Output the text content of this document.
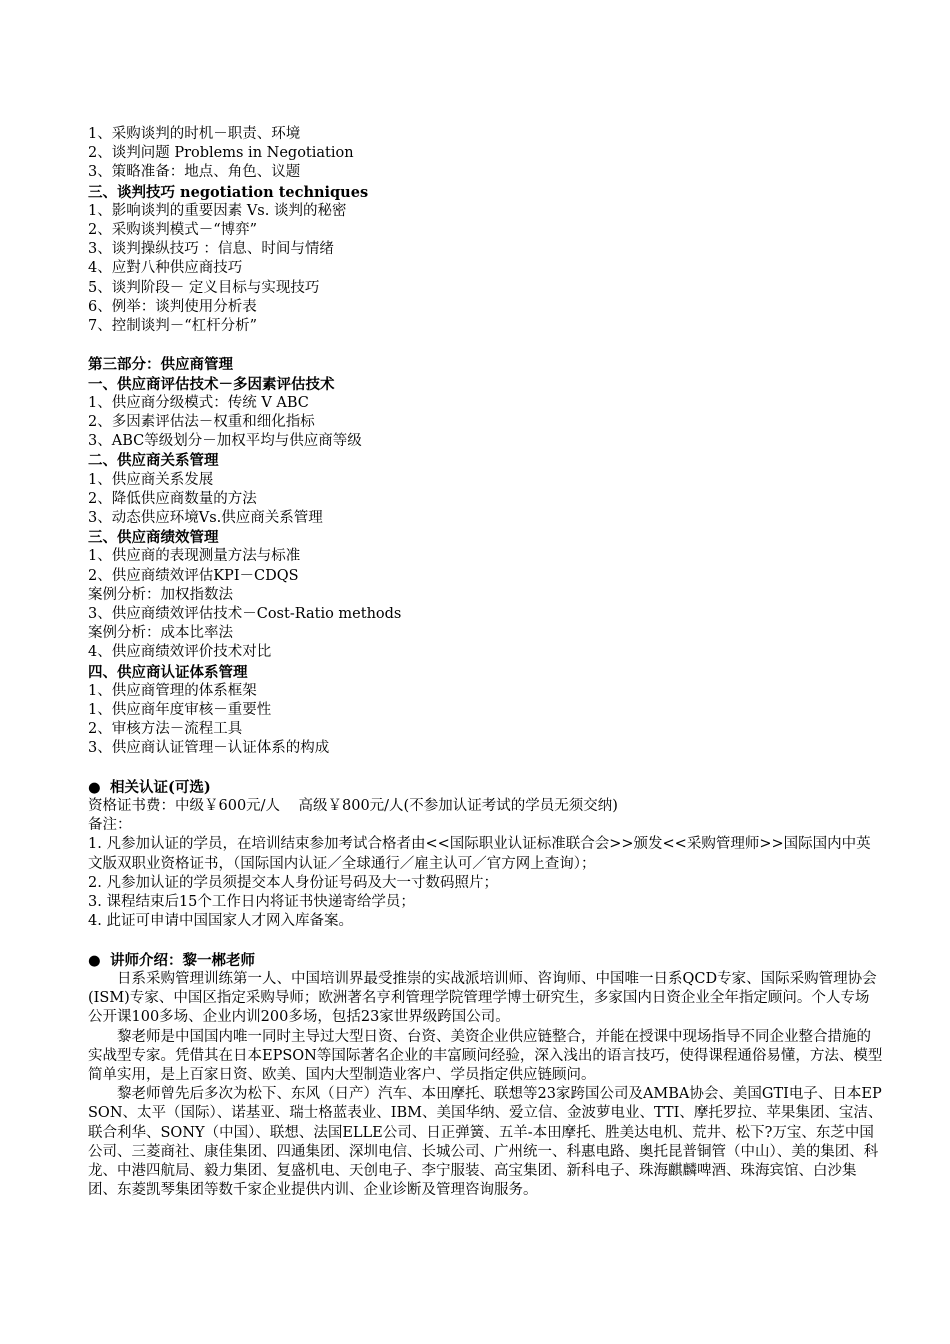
1、采购谈判的时机－职责、环境
2、谈判问题 Problems in Negotiation
3、策略准备：地点、角色、议题
三、谈判技巧 negotiation techniques
1、影响谈判的重要因素 Vs. 谈判的秘密
2、采购谈判模式－“博弈”
3、谈判操纵技巧 ：信息、时间与情绪
4、应對八种供应商技巧
5、谈判阶段－ 定义目标与实现技巧
6、例举：谈判使用分析表
7、控制谈判－“杠杆分析”
第三部分：供应商管理
一、供应商评估技术－多因素评估技术
1、供应商分级模式：传统 V ABC
2、多因素评估法－权重和细化指标
3、ABC等级划分－加权平均与供应商等级
二、供应商关系管理
1、供应商关系发展
2、降低供应商数量的方法
3、动态供应环境Vs.供应商关系管理
三、供应商绩效管理
1、供应商的表现测量方法与标准
2、供应商绩效评估KPI－CDQS
案例分析：加权指数法
3、供应商绩效评估技术－Cost-Ratio methods
案例分析：成本比率法
4、供应商绩效评价技术对比
四、供应商认证体系管理
1、供应商管理的体系框架
1、供应商年度审核－重要性
2、审核方法－流程工具
3、供应商认证管理－认证体系的构成
● 相关认证(可选)
资格证书费：中级￥600元/人    高级￥800元/人(不参加认证考试的学员无须交纳)
备注：
1. 凡参加认证的学员，在培训结束参加考试合格者由<<国际职业认证标准联合会>>颁发<<采购管理师>>国际国内中英文版双职业资格证书，（国际国内认证／全球通行／雇主认可／官方网上查询）；
2. 凡参加认证的学员须提交本人身份证号码及大一寸数码照片；
3. 课程结束后15个工作日内将证书快递寄给学员；
4. 此证可申请中国国家人才网入库备案。
● 讲师介绍：黎一郴老师
日系采购管理训练第一人、中国培训界最受推崇的实战派培训师、咨询师、中国唯一日系QCD专家、国际采购管理协会(ISM)专家、中国区指定采购导师；欧洲著名亨利管理学院管理学博士研究生，多家国内日资企业全年指定顾问。个人专场公开课100多场、企业内训200多场，包括23家世界级跨国公司。
黎老师是中国国内唯一同时主导过大型日资、台资、美资企业供应链整合，并能在授课中现场指导不同企业整合措施的实战型专家。凭借其在日本EPSON等国际著名企业的丰富顾问经验，深入浅出的语言技巧，使得课程通俗易懂，方法、模型简单实用，是上百家日资、欧美、国内大型制造业客户、学员指定供应链顾问。
黎老师曾先后多次为松下、东风（日产）汽车、本田摩托、联想等23家跨国公司及AMBA协会、美国GTI电子、日本EPSON、太平（国际）、诺基亚、瑞士格蓝表业、IBM、美国华纳、爱立信、金波萝电业、TTI、摩托罗拉、苹果集团、宝洁、联合利华、SONY（中国）、联想、法国ELLE公司、日正弹簧、五羊-本田摩托、胜美达电机、荒井、松下?万宝、东芝中国公司、三菱商社、康佳集团、四通集团、深圳电信、长城公司、广州统一、科惠电路、奥托昆普铜管（中山）、美的集团、科龙、中港四航局、毅力集团、复盛机电、天创电子、李宁服装、高宝集团、新科电子、珠海麒麟啤酒、珠海宾馆、白沙集团、东菱凯琴集团等数千家企业提供内训、企业诊断及管理咨询服务。
